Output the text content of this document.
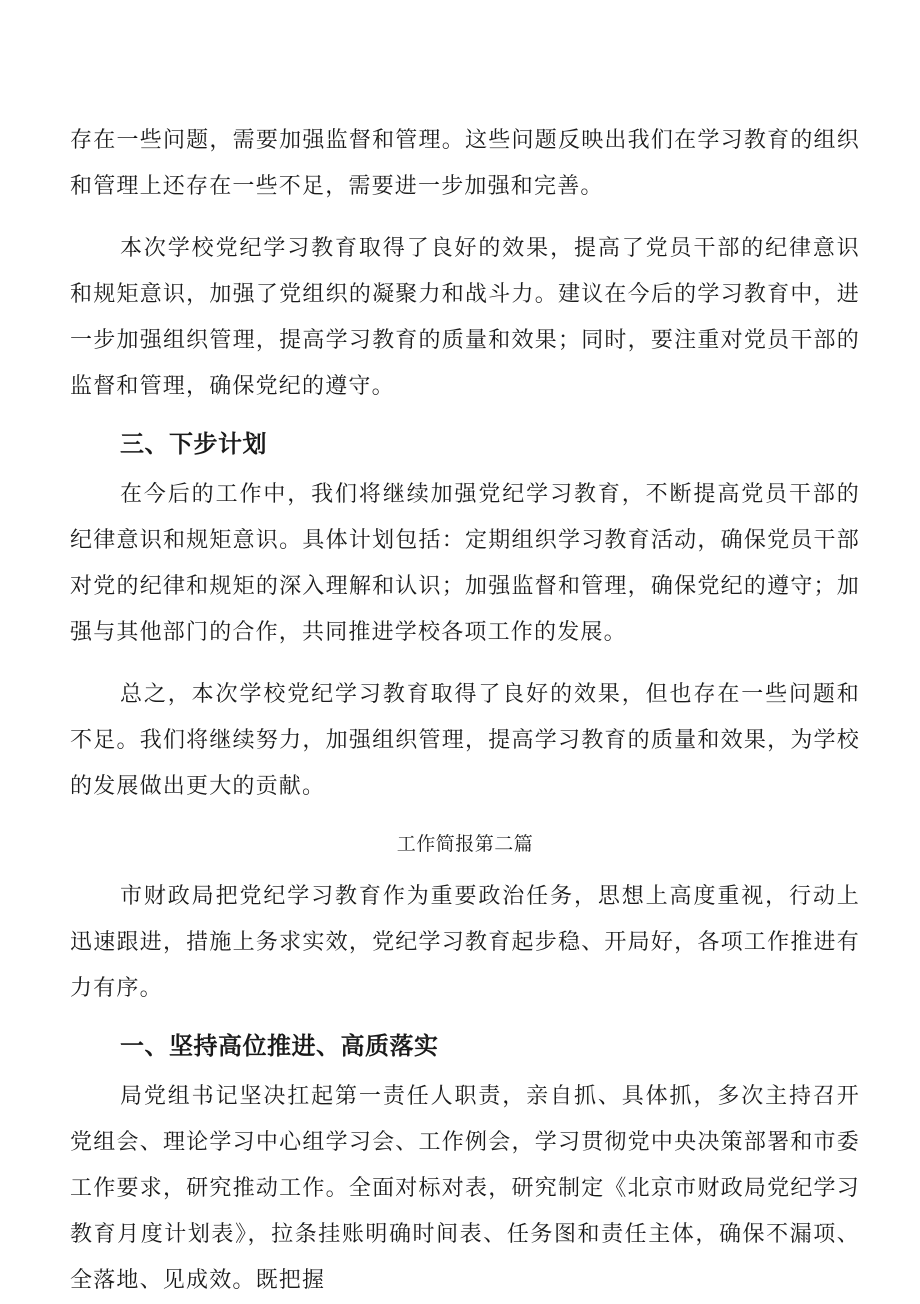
存在一些问题，需要加强监督和管理。这些问题反映出我们在学习教育的组织和管理上还存在一些不足，需要进一步加强和完善。

本次学校党纪学习教育取得了良好的效果，提高了党员干部的纪律意识和规矩意识，加强了党组织的凝聚力和战斗力。建议在今后的学习教育中，进一步加强组织管理，提高学习教育的质量和效果；同时，要注重对党员干部的监督和管理，确保党纪的遵守。

三、下步计划

在今后的工作中，我们将继续加强党纪学习教育，不断提高党员干部的纪律意识和规矩意识。具体计划包括：定期组织学习教育活动，确保党员干部对党的纪律和规矩的深入理解和认识；加强监督和管理，确保党纪的遵守；加强与其他部门的合作，共同推进学校各项工作的发展。

总之，本次学校党纪学习教育取得了良好的效果，但也存在一些问题和不足。我们将继续努力，加强组织管理，提高学习教育的质量和效果，为学校的发展做出更大的贡献。

工作简报第二篇

市财政局把党纪学习教育作为重要政治任务，思想上高度重视，行动上迅速跟进，措施上务求实效，党纪学习教育起步稳、开局好，各项工作推进有力有序。

一、坚持高位推进、高质落实

局党组书记坚决扛起第一责任人职责，亲自抓、具体抓，多次主持召开党组会、理论学习中心组学习会、工作例会，学习贯彻党中央决策部署和市委工作要求，研究推动工作。全面对标对表，研究制定《北京市财政局党纪学习教育月度计划表》，拉条挂账明确时间表、任务图和责任主体，确保不漏项、全落地、见成效。既把握
